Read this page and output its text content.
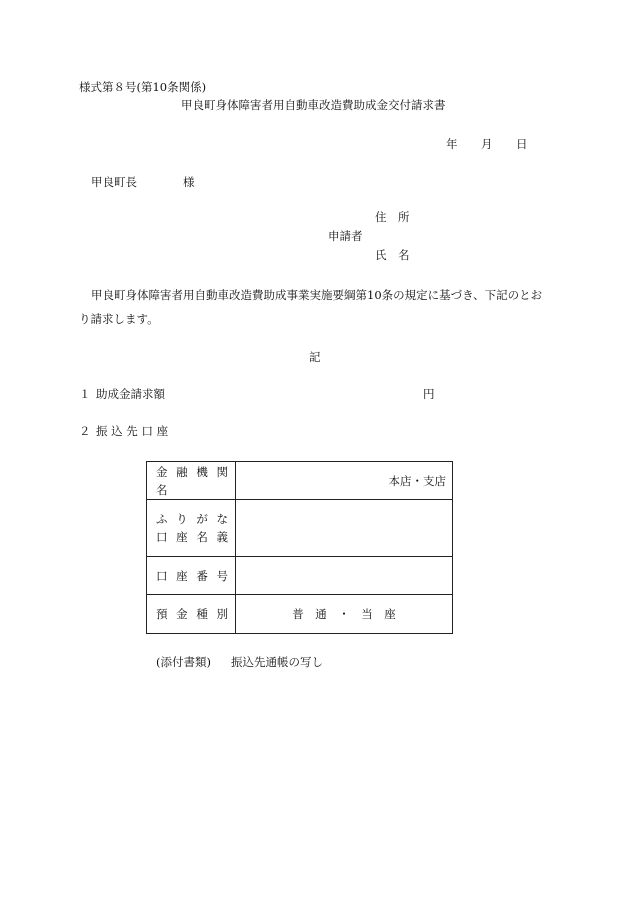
様式第８号(第10条関係)
甲良町身体障害者用自動車改造費助成金交付請求書
年 月 日
甲良町長	様
住　所
申請者
氏　名
甲良町身体障害者用自動車改造費助成事業実施要綱第10条の規定に基づき、下記のとお
り請求します。
記
１ 助成金請求額	円
２ 振 込 先 口 座
金 融 機 関 名	本店・支店

ふ り が な
口 座 名 義	

口 座 番 号	

預 金 種 別	普　通　・　当　座
(添付書類) 振込先通帳の写し
